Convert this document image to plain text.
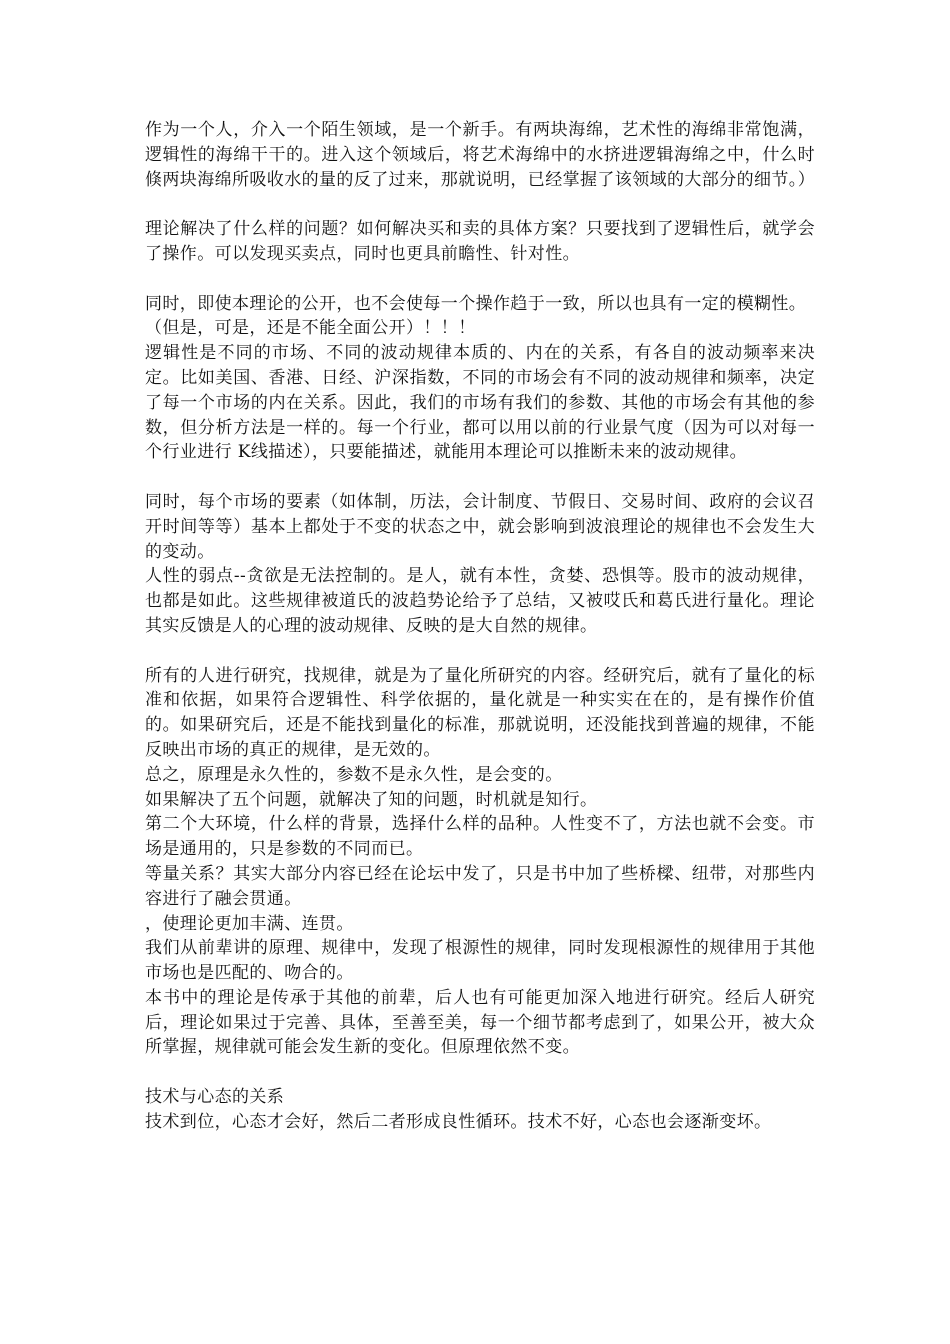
作为一个人，介入一个陌生领域，是一个新手。有两块海绵，艺术性的海绵非常饱满，逻辑性的海绵干干的。进入这个领域后，将艺术海绵中的水挤进逻辑海绵之中，什么时倏两块海绵所吸收水的量的反了过来，那就说明，已经掌握了该领域的大部分的细节。）

理论解决了什么样的问题？如何解决买和卖的具体方案？只要找到了逻辑性后，就学会了操作。可以发现买卖点，同时也更具前瞻性、针对性。

同时，即使本理论的公开，也不会使每一个操作趋于一致，所以也具有一定的模糊性。

（但是，可是，还是不能全面公开）！！！

逻辑性是不同的市场、不同的波动规律本质的、内在的关系，有各自的波动频率来决定。比如美国、香港、日经、沪深指数，不同的市场会有不同的波动规律和频率，决定了每一个市场的内在关系。因此，我们的市场有我们的参数、其他的市场会有其他的参数，但分析方法是一样的。每一个行业，都可以用以前的行业景气度（因为可以对每一个行业进行 K线描述），只要能描述，就能用本理论可以推断未来的波动规律。

同时，每个市场的要素（如体制，历法，会计制度、节假日、交易时间、政府的会议召开时间等等）基本上都处于不变的状态之中，就会影响到波浪理论的规律也不会发生大的变动。

人性的弱点--贪欲是无法控制的。是人，就有本性，贪婪、恐惧等。股市的波动规律，也都是如此。这些规律被道氏的波趋势论给予了总结，又被哎氏和葛氏进行量化。理论其实反馈是人的心理的波动规律、反映的是大自然的规律。

所有的人进行研究，找规律，就是为了量化所研究的内容。经研究后，就有了量化的标准和依据，如果符合逻辑性、科学依据的，量化就是一种实实在在的，是有操作价值的。如果研究后，还是不能找到量化的标准，那就说明，还没能找到普遍的规律，不能反映出市场的真正的规律，是无效的。

总之，原理是永久性的，参数不是永久性，是会变的。

如果解决了五个问题，就解决了知的问题，时机就是知行。

第二个大环境，什么样的背景，选择什么样的品种。人性变不了，方法也就不会变。市场是通用的，只是参数的不同而已。

等量关系？其实大部分内容已经在论坛中发了，只是书中加了些桥樑、纽带，对那些内容进行了融会贯通。

，使理论更加丰满、连贯。

我们从前辈讲的原理、规律中，发现了根源性的规律，同时发现根源性的规律用于其他市场也是匹配的、吻合的。

本书中的理论是传承于其他的前辈，后人也有可能更加深入地进行研究。经后人研究后，理论如果过于完善、具体，至善至美，每一个细节都考虑到了，如果公开，被大众所掌握，规律就可能会发生新的变化。但原理依然不变。

技术与心态的关系

技术到位，心态才会好，然后二者形成良性循环。技术不好，心态也会逐渐变坏。
